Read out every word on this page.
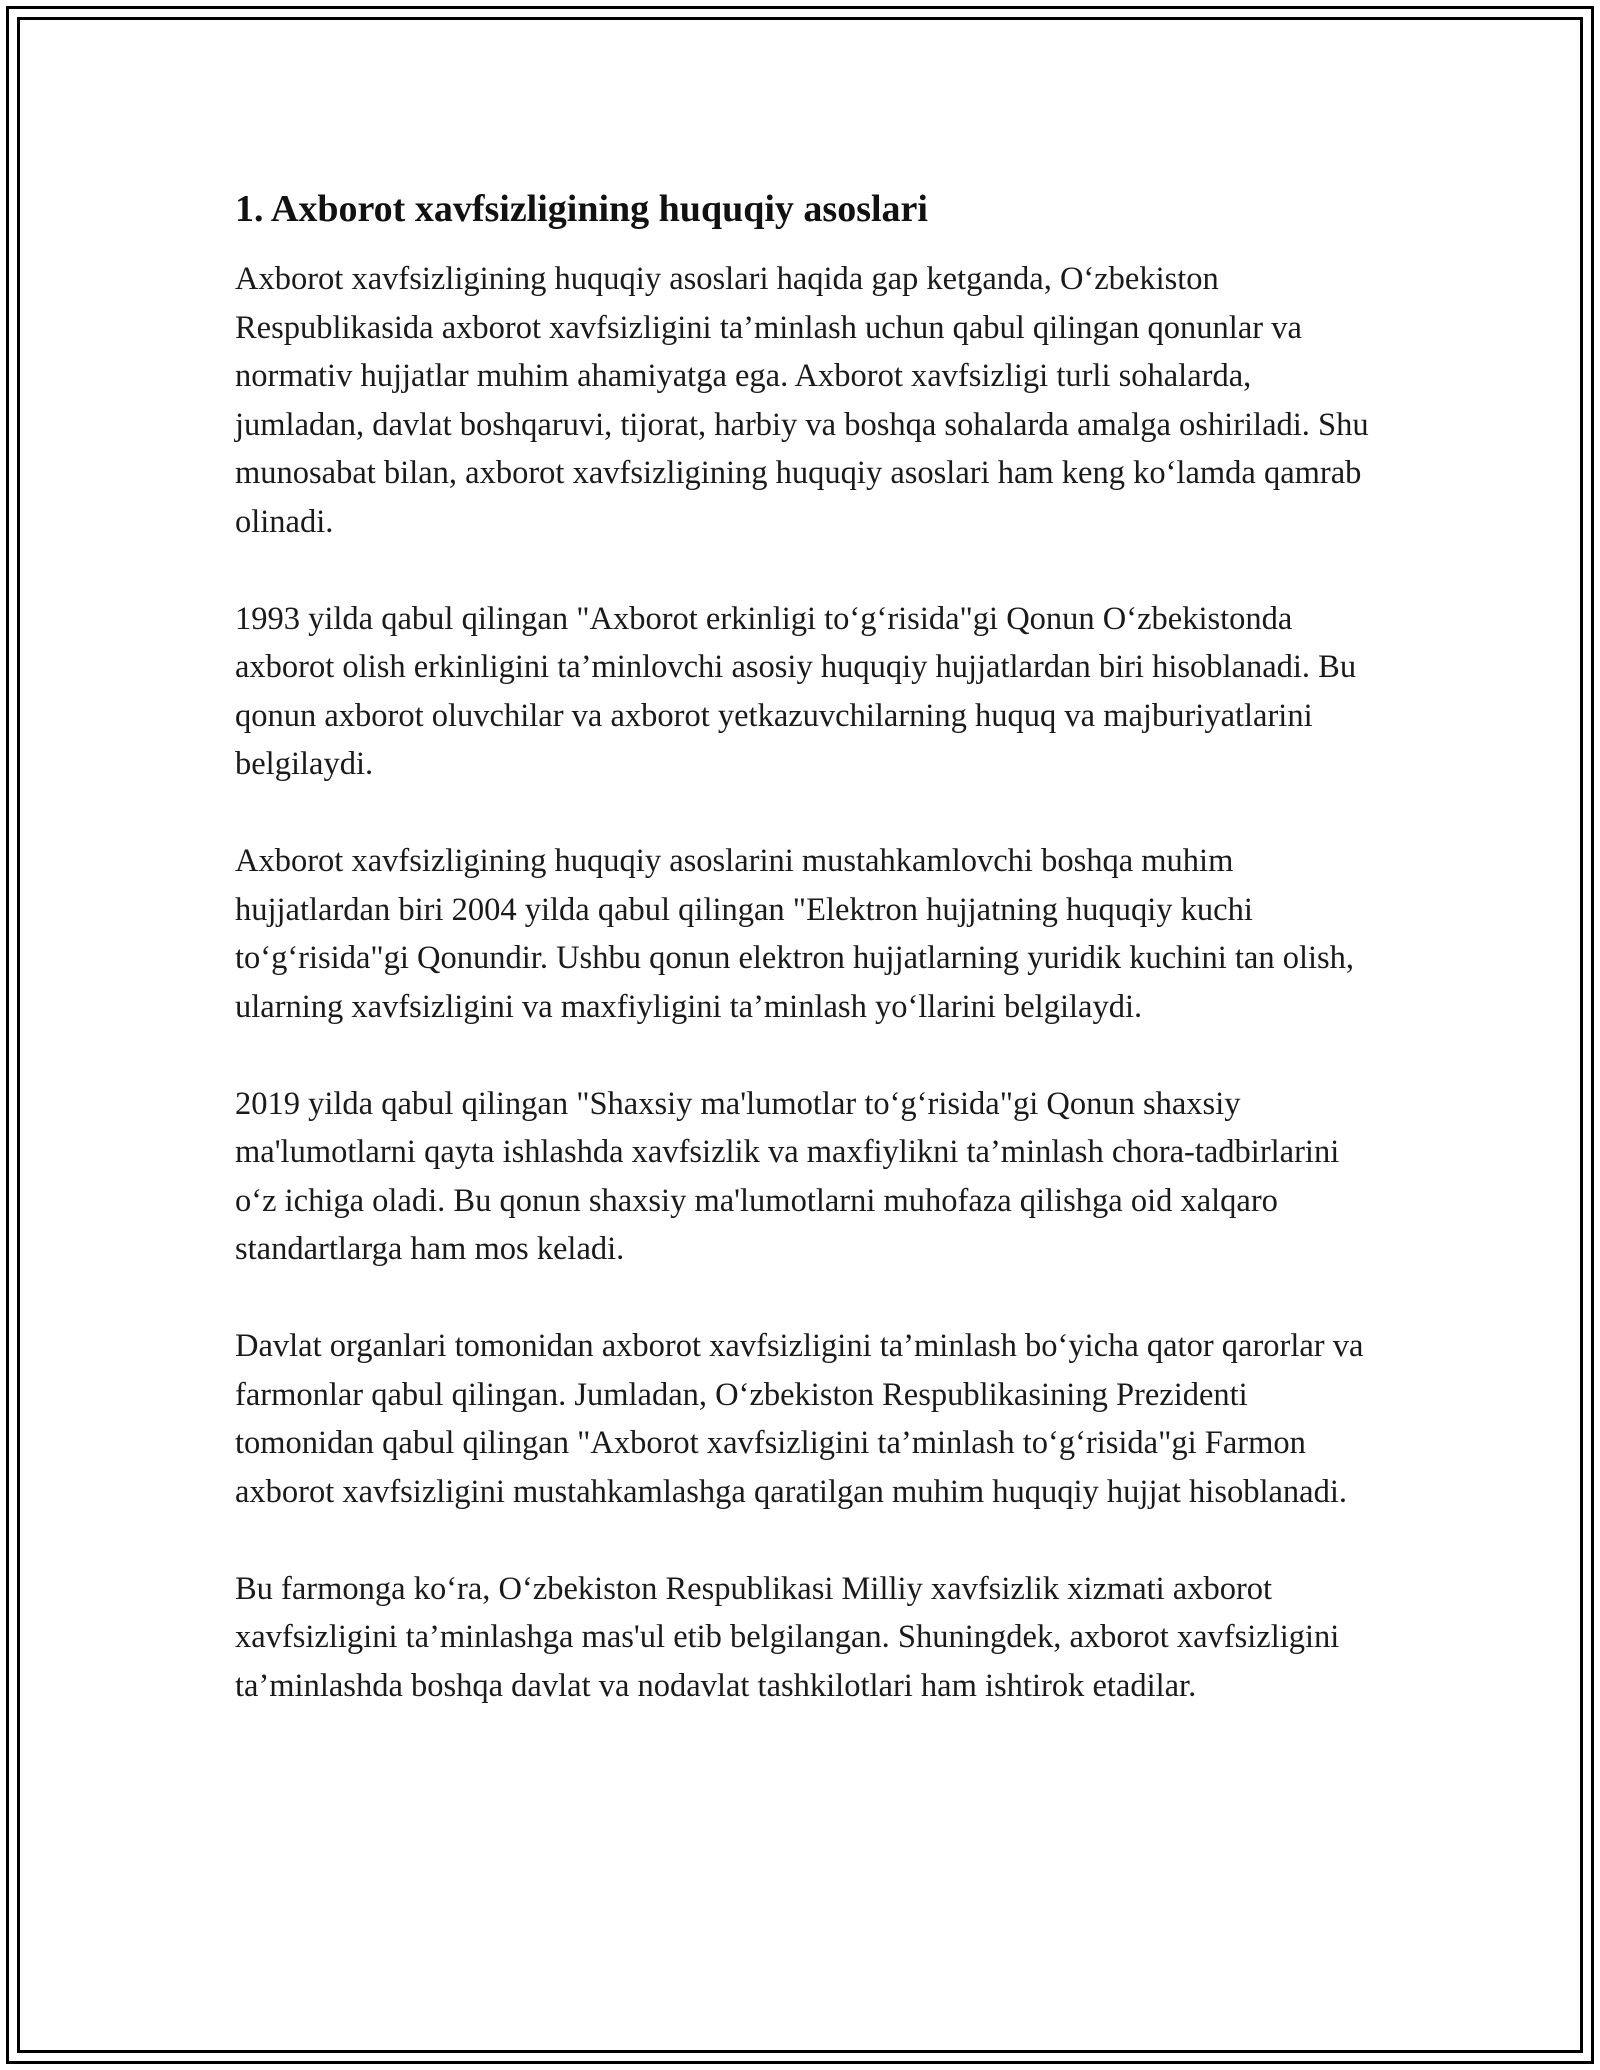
1. Axborot xavfsizligining huquqiy asoslari

Axborot xavfsizligining huquqiy asoslari haqida gap ketganda, O‘zbekiston Respublikasida axborot xavfsizligini ta’minlash uchun qabul qilingan qonunlar va normativ hujjatlar muhim ahamiyatga ega. Axborot xavfsizligi turli sohalarda, jumladan, davlat boshqaruvi, tijorat, harbiy va boshqa sohalarda amalga oshiriladi. Shu munosabat bilan, axborot xavfsizligining huquqiy asoslari ham keng ko‘lamda qamrab olinadi.

1993 yilda qabul qilingan "Axborot erkinligi to‘g‘risida"gi Qonun O‘zbekistonda axborot olish erkinligini ta’minlovchi asosiy huquqiy hujjatlardan biri hisoblanadi. Bu qonun axborot oluvchilar va axborot yetkazuvchilarning huquq va majburiyatlarini belgilaydi.

Axborot xavfsizligining huquqiy asoslarini mustahkamlovchi boshqa muhim hujjatlardan biri 2004 yilda qabul qilingan "Elektron hujjatning huquqiy kuchi to‘g‘risida"gi Qonundir. Ushbu qonun elektron hujjatlarning yuridik kuchini tan olish, ularning xavfsizligini va maxfiyligini ta’minlash yo‘llarini belgilaydi.

2019 yilda qabul qilingan "Shaxsiy ma'lumotlar to‘g‘risida"gi Qonun shaxsiy ma'lumotlarni qayta ishlashda xavfsizlik va maxfiylikni ta’minlash chora-tadbirlarini o‘z ichiga oladi. Bu qonun shaxsiy ma'lumotlarni muhofaza qilishga oid xalqaro standartlarga ham mos keladi.

Davlat organlari tomonidan axborot xavfsizligini ta’minlash bo‘yicha qator qarorlar va farmonlar qabul qilingan. Jumladan, O‘zbekiston Respublikasining Prezidenti tomonidan qabul qilingan "Axborot xavfsizligini ta’minlash to‘g‘risida"gi Farmon axborot xavfsizligini mustahkamlashga qaratilgan muhim huquqiy hujjat hisoblanadi.

Bu farmonga ko‘ra, O‘zbekiston Respublikasi Milliy xavfsizlik xizmati axborot xavfsizligini ta’minlashga mas'ul etib belgilangan. Shuningdek, axborot xavfsizligini ta’minlashda boshqa davlat va nodavlat tashkilotlari ham ishtirok etadilar.
